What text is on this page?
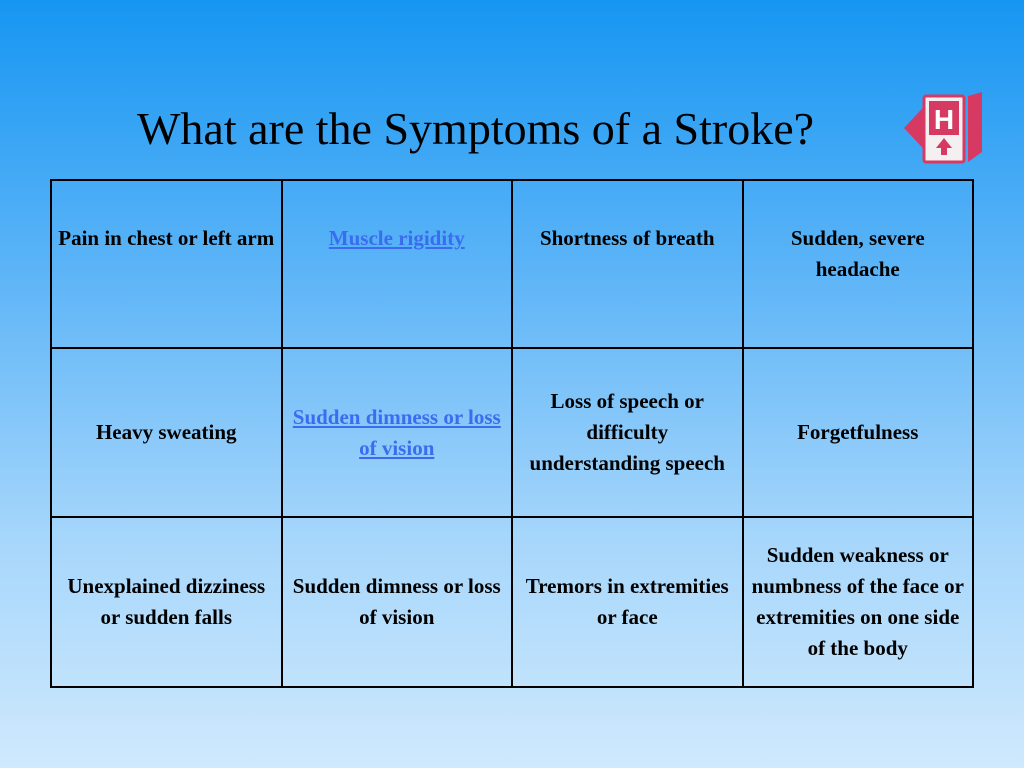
What are the Symptoms of a Stroke?	H
Pain in chest or left arm	Muscle rigidity	Shortness of breath	Sudden, severe headache
Heavy sweating	Sudden dimness or loss of vision	Loss of speech or difficulty understanding speech	Forgetfulness
Unexplained dizziness or sudden falls	Sudden dimness or loss of vision	Tremors in extremities or face	Sudden weakness or numbness of the face or extremities on one side of the body
